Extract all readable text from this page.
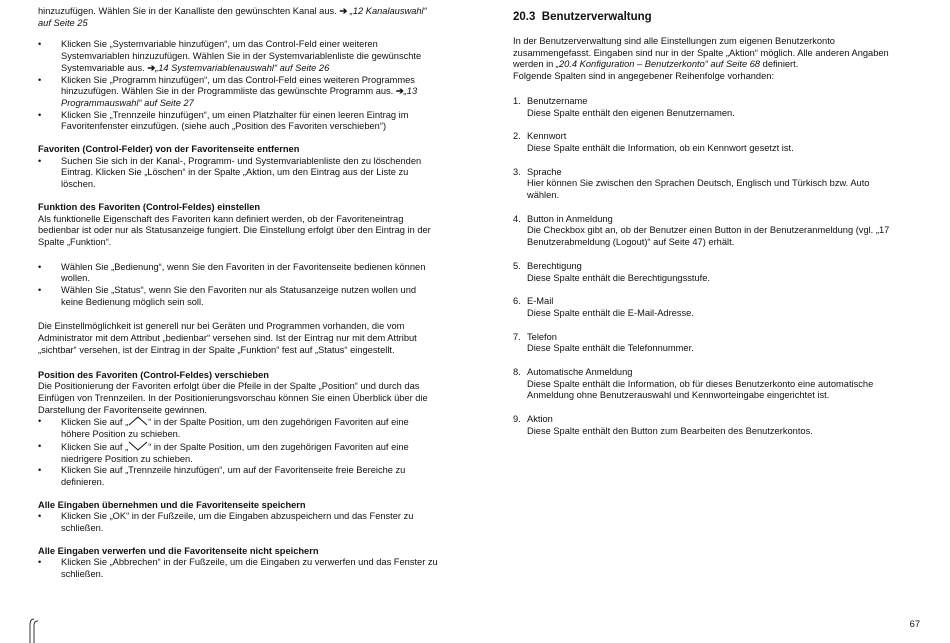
hinzuzufügen. Wählen Sie in der Kanalliste den gewünschten Kanal aus. ➔ „12 Kanalauswahl“ auf Seite 25

• Klicken Sie „Systemvariable hinzufügen“, um das Control-Feld einer weiteren Systemvariablen hinzuzufügen. Wählen Sie in der Systemvariablenliste die gewünschte Systemvariable aus. ➔„14 Systemvariablenauswahl“ auf Seite 26
• Klicken Sie „Programm hinzufügen“, um das Control-Feld eines weiteren Programmes hinzuzufügen. Wählen Sie in der Programmliste das gewünschte Programm aus. ➔„13 Programmauswahl“ auf Seite 27
• Klicken Sie „Trennzeile hinzufügen“, um einen Platzhalter für einen leeren Eintrag im Favoritenfenster einzufügen. (siehe auch „Position des Favoriten verschieben“)

Favoriten (Control-Felder) von der Favoritenseite entfernen

• Suchen Sie sich in der Kanal-, Programm- und Systemvariablenliste den zu löschenden Eintrag. Klicken Sie „Löschen“ in der Spalte „Aktion, um den Eintrag aus der Liste zu löschen.

Funktion des Favoriten (Control-Feldes) einstellen

Als funktionelle Eigenschaft des Favoriten kann definiert werden, ob der Favoriteneintrag bedienbar ist oder nur als Statusanzeige fungiert. Die Einstellung erfolgt über den Eintrag in der Spalte „Funktion“.

• Wählen Sie „Bedienung“, wenn Sie den Favoriten in der Favoritenseite bedienen können wollen.
• Wählen Sie „Status“, wenn Sie den Favoriten nur als Statusanzeige nutzen wollen und keine Bedienung möglich sein soll.

Die Einstellmöglichkeit ist generell nur bei Geräten und Programmen vorhanden, die vom Administrator mit dem Attribut „bedienbar“ versehen sind. Ist der Eintrag nur mit dem Attribut „sichtbar“ versehen, ist der Eintrag in der Spalte „Funktion“ fest auf „Status“ eingestellt.

Position des Favoriten (Control-Feldes) verschieben

Die Positionierung der Favoriten erfolgt über die Pfeile in der Spalte „Position“ und durch das Einfügen von Trennzeilen. In der Positionierungsvorschau können Sie einen Überblick über die Darstellung der Favoritenseite gewinnen.

• Klicken Sie auf „ “ in der Spalte Position, um den zugehörigen Favoriten auf eine höhere Position zu schieben.
• Klicken Sie auf „ “ in der Spalte Position, um den zugehörigen Favoriten auf eine niedrigere Position zu schieben.
• Klicken Sie auf „Trennzeile hinzufügen“, um auf der Favoritenseite freie Bereiche zu definieren.

Alle Eingaben übernehmen und die Favoritenseite speichern

• Klicken Sie „OK“ in der Fußzeile, um die Eingaben abzuspeichern und das Fenster zu schließen.

Alle Eingaben verwerfen und die Favoritenseite nicht speichern

• Klicken Sie „Abbrechen“ in der Fußzeile, um die Eingaben zu verwerfen und das Fenster zu schließen.

20.3 Benutzerverwaltung

In der Benutzerverwaltung sind alle Einstellungen zum eigenen Benutzerkonto zusammengefasst. Eingaben sind nur in der Spalte „Aktion“ möglich. Alle anderen Angaben werden in „20.4 Konfiguration – Benutzerkonto“ auf Seite 68 definiert.

Folgende Spalten sind in angegebener Reihenfolge vorhanden:

1. Benutzername
Diese Spalte enthält den eigenen Benutzernamen.
2. Kennwort
Diese Spalte enthält die Information, ob ein Kennwort gesetzt ist.
3. Sprache
Hier können Sie zwischen den Sprachen Deutsch, Englisch und Türkisch bzw. Auto wählen.
4. Button in Anmeldung
Die Checkbox gibt an, ob der Benutzer einen Button in der Benutzeranmeldung (vgl. „17 Benutzerabmeldung (Logout)“ auf Seite 47) erhält.
5. Berechtigung
Diese Spalte enthält die Berechtigungsstufe.
6. E-Mail
Diese Spalte enthält die E-Mail-Adresse.
7. Telefon
Diese Spalte enthält die Telefonnummer.
8. Automatische Anmeldung
Diese Spalte enthält die Information, ob für dieses Benutzerkonto eine automatische Anmeldung ohne Benutzerauswahl und Kennworteingabe eingerichtet ist.
9. Aktion
Diese Spalte enthält den Button zum Bearbeiten des Benutzerkontos.
67
